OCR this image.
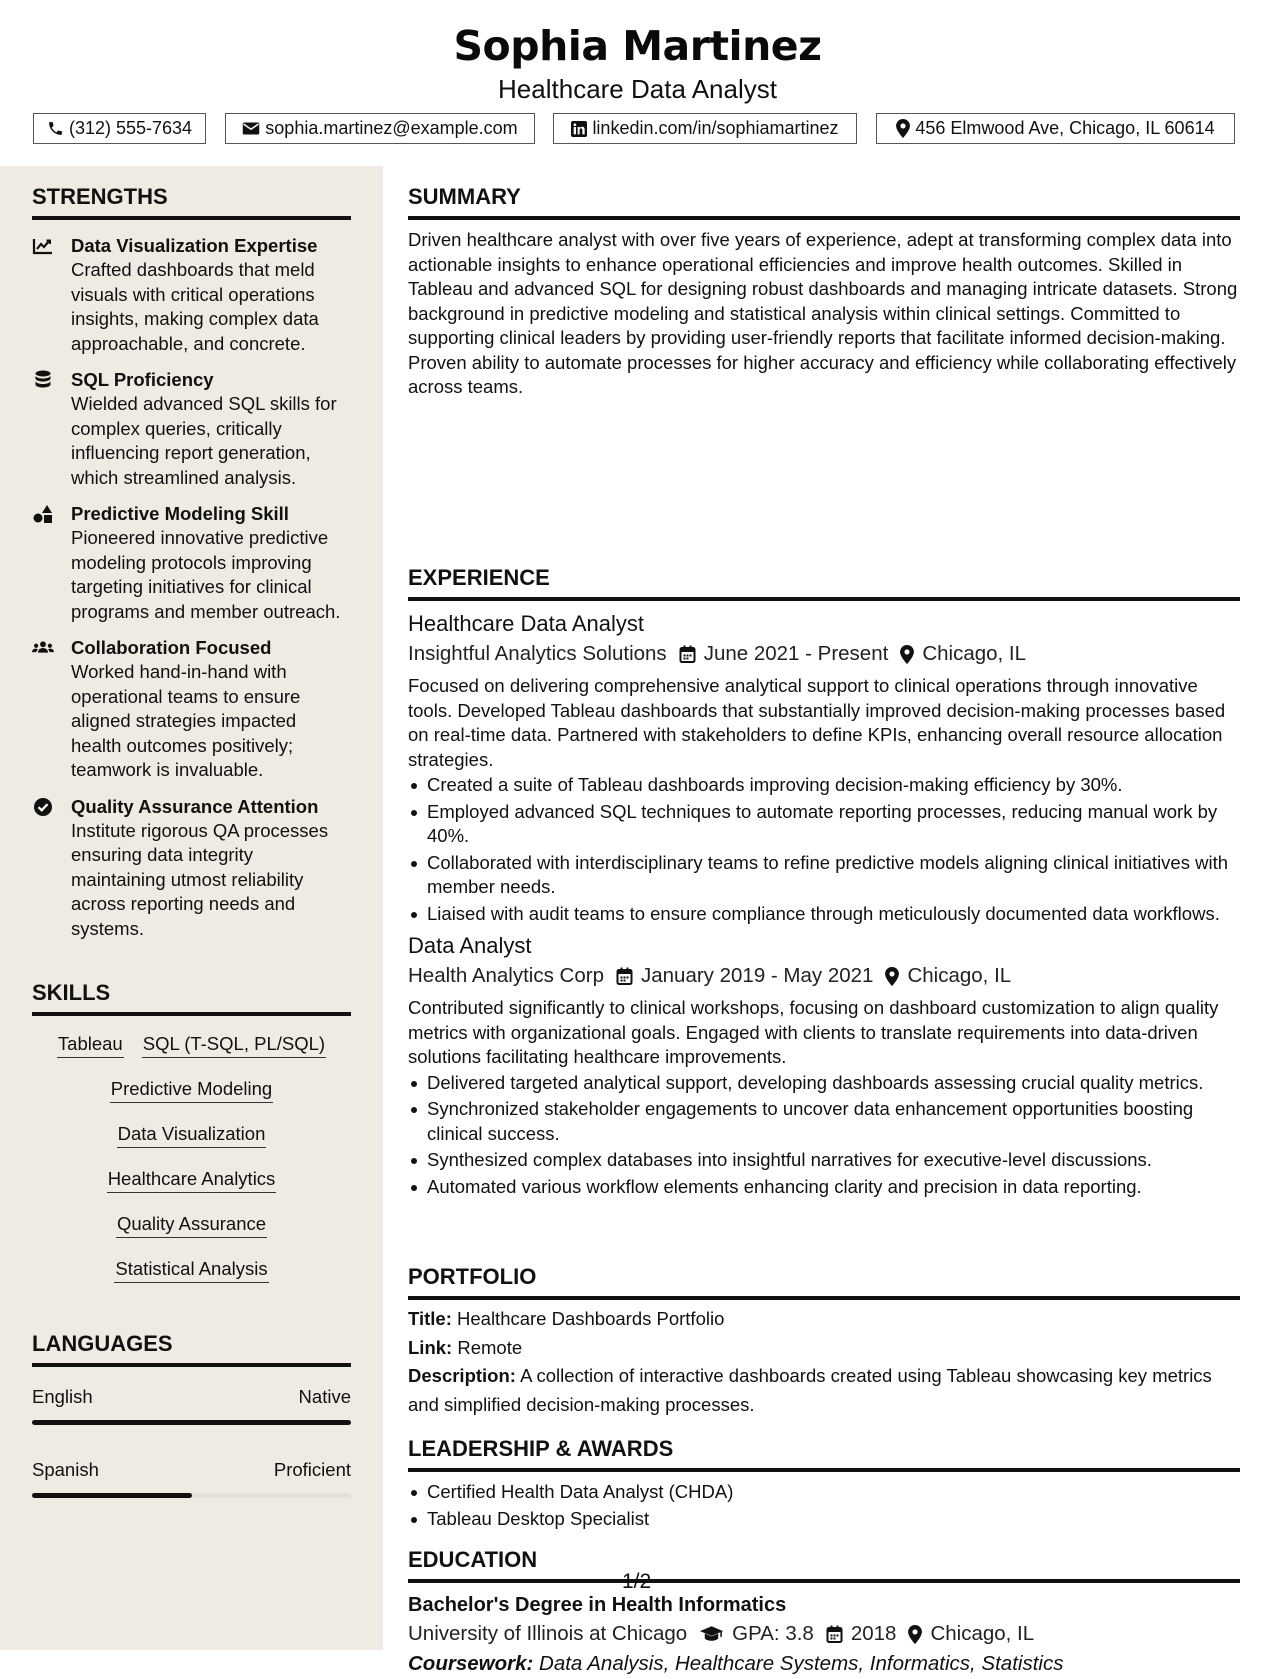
Sophia Martinez
Healthcare Data Analyst
(312) 555-7634	sophia.martinez@example.com	linkedin.com/in/sophiamartinez	456 Elmwood Ave, Chicago, IL 60614
STRENGTHS
Data Visualization Expertise
Crafted dashboards that meld visuals with critical operations insights, making complex data approachable, and concrete.
SQL Proficiency
Wielded advanced SQL skills for complex queries, critically influencing report generation, which streamlined analysis.
Predictive Modeling Skill
Pioneered innovative predictive modeling protocols improving targeting initiatives for clinical programs and member outreach.
Collaboration Focused
Worked hand-in-hand with operational teams to ensure aligned strategies impacted health outcomes positively; teamwork is invaluable.
Quality Assurance Attention
Institute rigorous QA processes ensuring data integrity maintaining utmost reliability across reporting needs and systems.
SKILLS
Tableau SQL (T-SQL, PL/SQL)
Predictive Modeling
Data Visualization
Healthcare Analytics
Quality Assurance
Statistical Analysis
LANGUAGES
English	Native
Spanish	Proficient
SUMMARY
Driven healthcare analyst with over five years of experience, adept at transforming complex data into actionable insights to enhance operational efficiencies and improve health outcomes. Skilled in Tableau and advanced SQL for designing robust dashboards and managing intricate datasets. Strong background in predictive modeling and statistical analysis within clinical settings. Committed to supporting clinical leaders by providing user-friendly reports that facilitate informed decision-making. Proven ability to automate processes for higher accuracy and efficiency while collaborating effectively across teams.
EXPERIENCE
Healthcare Data Analyst
Insightful Analytics Solutions June 2021 - Present Chicago, IL
Focused on delivering comprehensive analytical support to clinical operations through innovative tools. Developed Tableau dashboards that substantially improved decision-making processes based on real-time data. Partnered with stakeholders to define KPIs, enhancing overall resource allocation strategies.
Created a suite of Tableau dashboards improving decision-making efficiency by 30%.
Employed advanced SQL techniques to automate reporting processes, reducing manual work by 40%.
Collaborated with interdisciplinary teams to refine predictive models aligning clinical initiatives with member needs.
Liaised with audit teams to ensure compliance through meticulously documented data workflows.
Data Analyst
Health Analytics Corp January 2019 - May 2021 Chicago, IL
Contributed significantly to clinical workshops, focusing on dashboard customization to align quality metrics with organizational goals. Engaged with clients to translate requirements into data-driven solutions facilitating healthcare improvements.
Delivered targeted analytical support, developing dashboards assessing crucial quality metrics.
Synchronized stakeholder engagements to uncover data enhancement opportunities boosting clinical success.
Synthesized complex databases into insightful narratives for executive-level discussions.
Automated various workflow elements enhancing clarity and precision in data reporting.
PORTFOLIO
Title: Healthcare Dashboards Portfolio
Link: Remote
Description: A collection of interactive dashboards created using Tableau showcasing key metrics and simplified decision-making processes.
LEADERSHIP & AWARDS
Certified Health Data Analyst (CHDA)
Tableau Desktop Specialist
EDUCATION
Bachelor's Degree in Health Informatics
University of Illinois at Chicago GPA: 3.8 2018 Chicago, IL
Coursework: Data Analysis, Healthcare Systems, Informatics, Statistics
1/2
